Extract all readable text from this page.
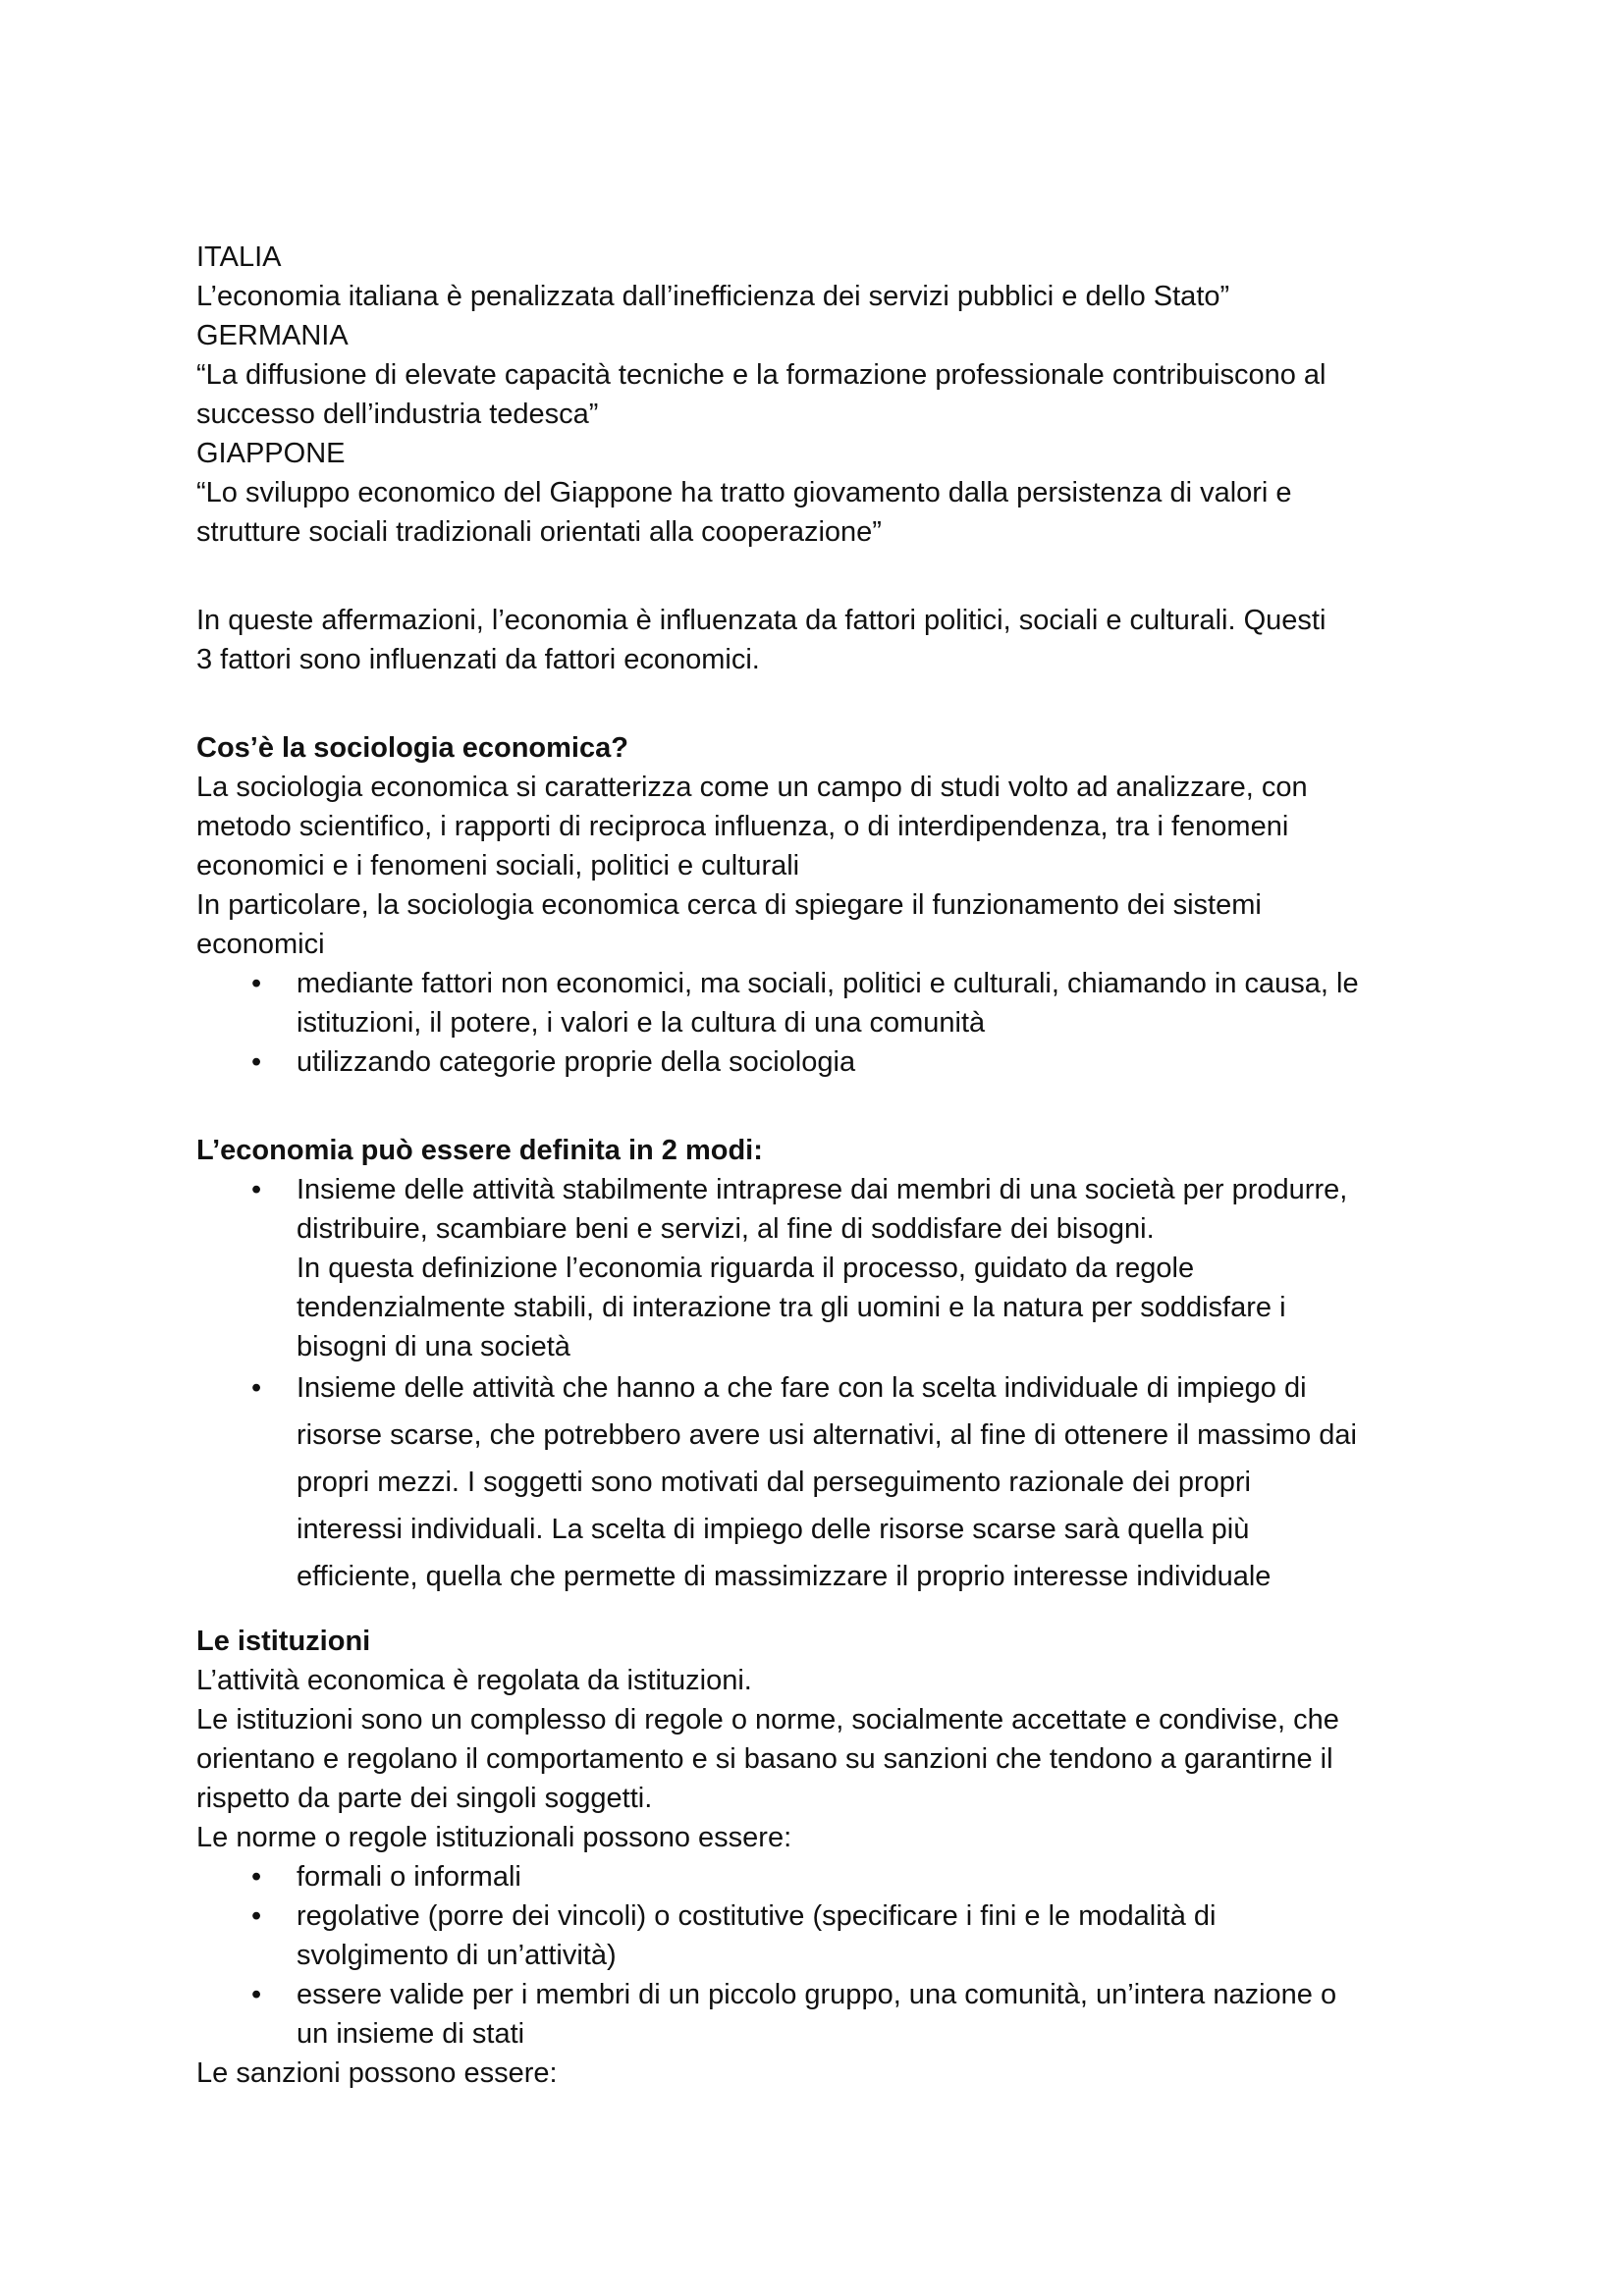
ITALIA
L’economia italiana è penalizzata dall’inefficienza dei servizi pubblici e dello Stato”
GERMANIA
“La diffusione di elevate capacità tecniche e la formazione professionale contribuiscono al
successo dell’industria tedesca”
GIAPPONE
“Lo sviluppo economico del Giappone ha tratto giovamento dalla persistenza di valori e
strutture sociali tradizionali orientati alla cooperazione”
In queste affermazioni, l’economia è influenzata da fattori politici, sociali e culturali. Questi
3 fattori sono influenzati da fattori economici.
Cos’è la sociologia economica?
La sociologia economica si caratterizza come un campo di studi volto ad analizzare, con
metodo scientifico, i rapporti di reciproca influenza, o di interdipendenza, tra i fenomeni
economici e i fenomeni sociali, politici e culturali
In particolare, la sociologia economica cerca di spiegare il funzionamento dei sistemi
economici
• mediante fattori non economici, ma sociali, politici e culturali, chiamando in causa, le
istituzioni, il potere, i valori e la cultura di una comunità
• utilizzando categorie proprie della sociologia
L’economia può essere definita in 2 modi:
• Insieme delle attività stabilmente intraprese dai membri di una società per produrre,
distribuire, scambiare beni e servizi, al fine di soddisfare dei bisogni.
In questa definizione l’economia riguarda il processo, guidato da regole
tendenzialmente stabili, di interazione tra gli uomini e la natura per soddisfare i
bisogni di una società
• Insieme delle attività che hanno a che fare con la scelta individuale di impiego di
risorse scarse, che potrebbero avere usi alternativi, al fine di ottenere il massimo dai
propri mezzi. I soggetti sono motivati dal perseguimento razionale dei propri
interessi individuali. La scelta di impiego delle risorse scarse sarà quella più
efficiente, quella che permette di massimizzare il proprio interesse individuale
Le istituzioni
L’attività economica è regolata da istituzioni.
Le istituzioni sono un complesso di regole o norme, socialmente accettate e condivise, che
orientano e regolano il comportamento e si basano su sanzioni che tendono a garantirne il
rispetto da parte dei singoli soggetti.
Le norme o regole istituzionali possono essere:
• formali o informali
• regolative (porre dei vincoli) o costitutive (specificare i fini e le modalità di
svolgimento di un’attività)
• essere valide per i membri di un piccolo gruppo, una comunità, un’intera nazione o
un insieme di stati
Le sanzioni possono essere:
